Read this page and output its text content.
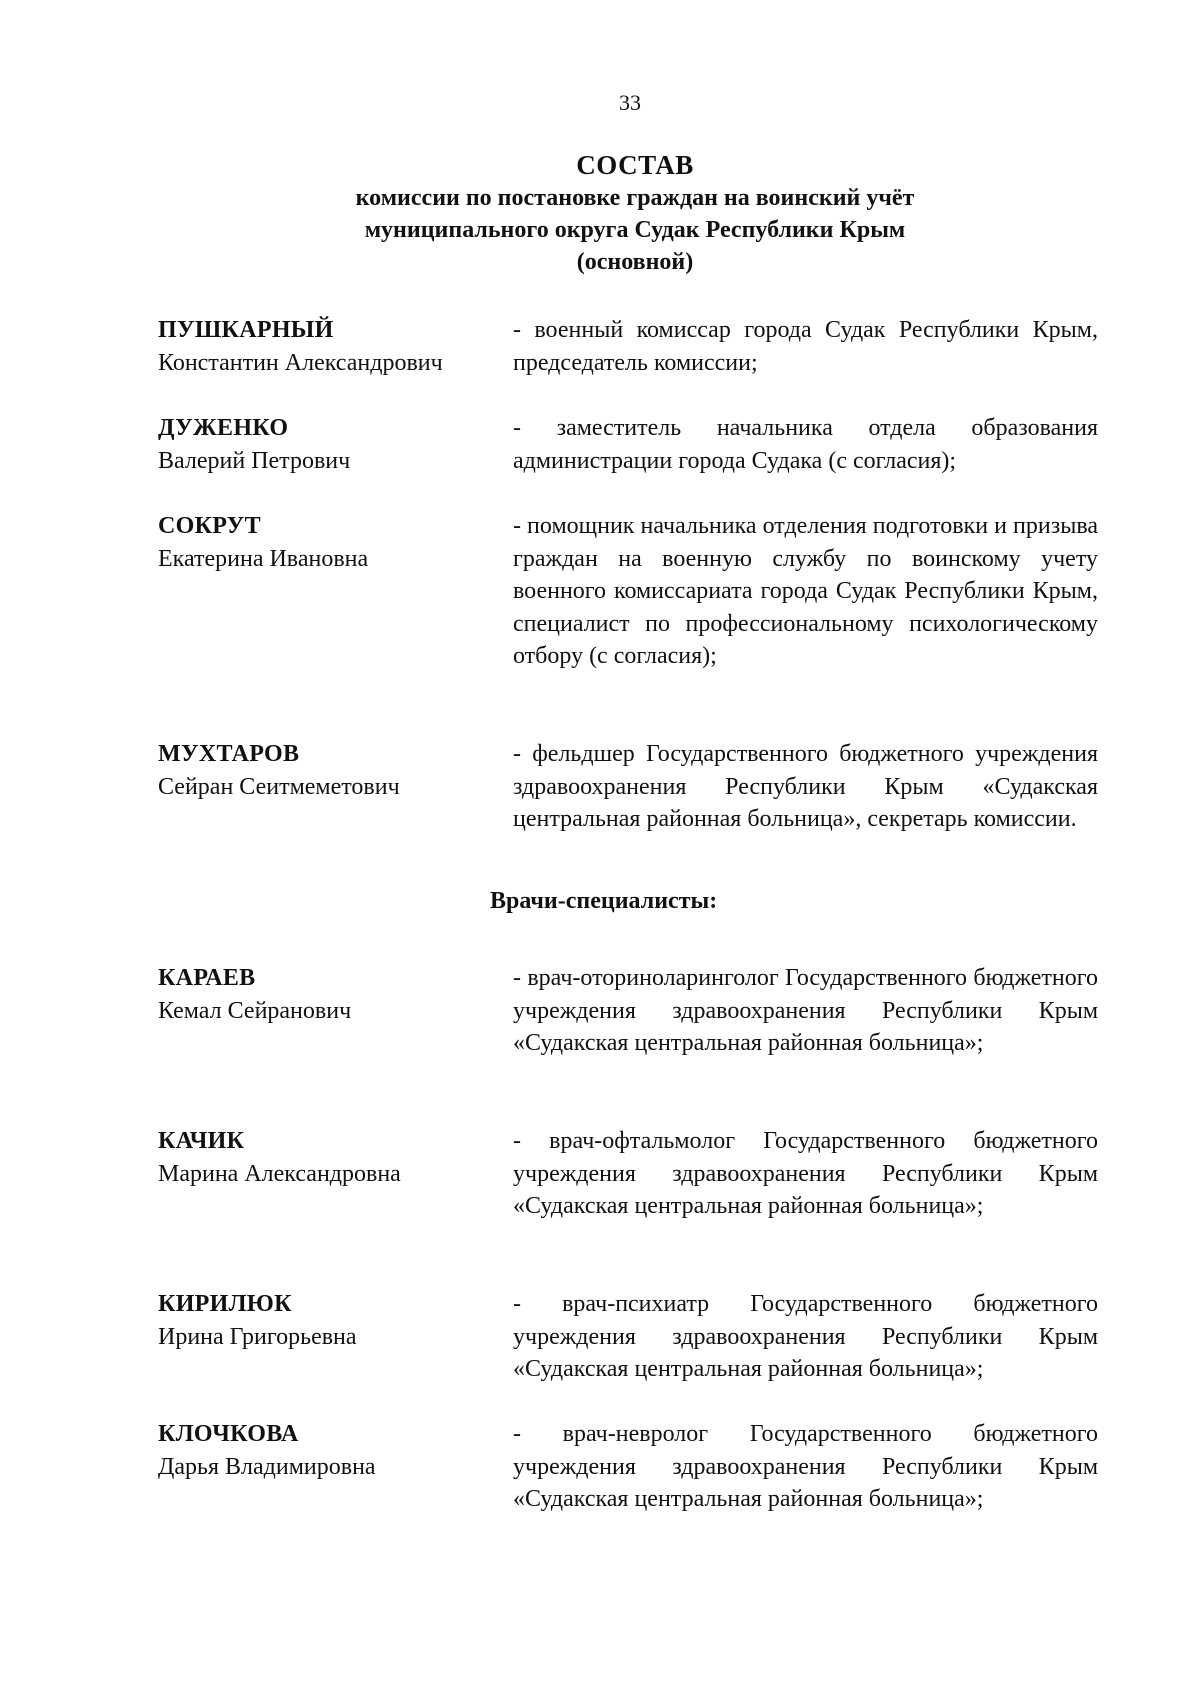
33
СОСТАВ
комиссии по постановке граждан на воинский учёт
муниципального округа Судак Республики Крым
(основной)
ПУШКАРНЫЙ
Константин Александрович
- военный комиссар города Судак Республики Крым, председатель комиссии;
ДУЖЕНКО
Валерий Петрович
- заместитель начальника отдела образования администрации города Судака (с согласия);
СОКРУТ
Екатерина Ивановна
- помощник начальника отделения подготовки и призыва граждан на военную службу по воинскому учету военного комиссариата города Судак Республики Крым, специалист по профессиональному психологическому отбору (с согласия);
МУХТАРОВ
Сейран Сеитмеметович
- фельдшер Государственного бюджетного учреждения здравоохранения Республики Крым «Судакская центральная районная больница», секретарь комиссии.
Врачи-специалисты:
КАРАЕВ
Кемал Сейранович
- врач-оториноларинголог Государственного бюджетного учреждения здравоохранения Республики Крым «Судакская центральная районная больница»;
КАЧИК
Марина Александровна
- врач-офтальмолог Государственного бюджетного учреждения здравоохранения Республики Крым «Судакская центральная районная больница»;
КИРИЛЮК
Ирина Григорьевна
- врач-психиатр Государственного бюджетного учреждения здравоохранения Республики Крым «Судакская центральная районная больница»;
КЛОЧКОВА
Дарья Владимировна
- врач-невролог Государственного бюджетного учреждения здравоохранения Республики Крым «Судакская центральная районная больница»;
